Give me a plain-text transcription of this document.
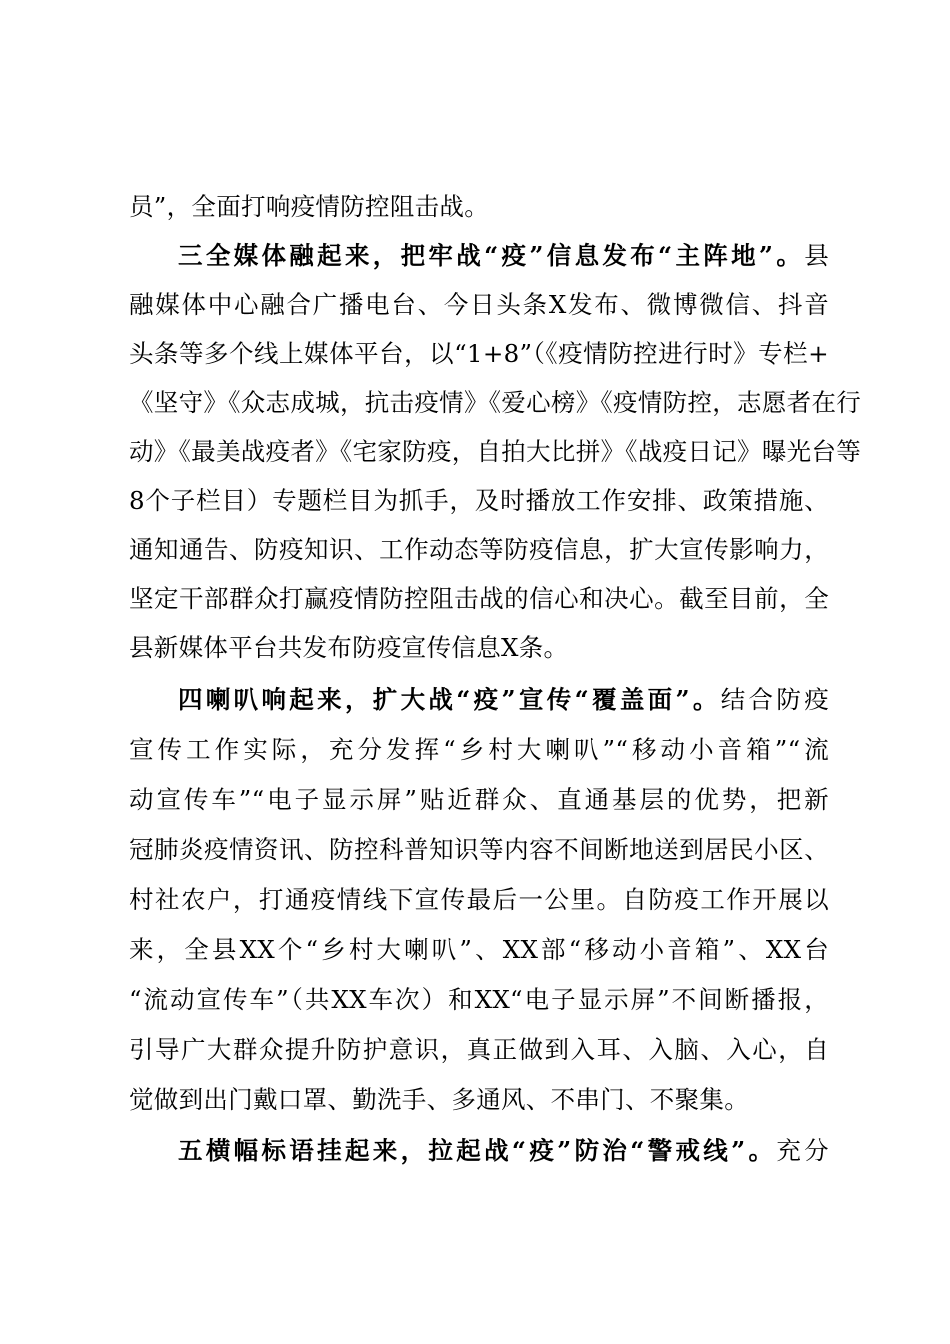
员”，全面打响疫情防控阻击战。
三全媒体融起来，把牢战“疫”信息发布“主阵地”。县
融媒体中心融合广播电台、今日头条X发布、微博微信、抖音
头条等多个线上媒体平台，以“1+8”（《疫情防控进行时》专栏+
《坚守》《众志成城，抗击疫情》《爱心榜》《疫情防控，志愿者在行
动》《最美战疫者》《宅家防疫，自拍大比拼》《战疫日记》曝光台等
8个子栏目）专题栏目为抓手，及时播放工作安排、政策措施、
通知通告、防疫知识、工作动态等防疫信息，扩大宣传影响力，
坚定干部群众打赢疫情防控阻击战的信心和决心。截至目前，全
县新媒体平台共发布防疫宣传信息X条。
四喇叭响起来，扩大战“疫”宣传“覆盖面”。结合防疫
宣传工作实际，充分发挥“乡村大喇叭”“移动小音箱”“流
动宣传车”“电子显示屏”贴近群众、直通基层的优势，把新
冠肺炎疫情资讯、防控科普知识等内容不间断地送到居民小区、
村社农户，打通疫情线下宣传最后一公里。自防疫工作开展以
来，全县XX个“乡村大喇叭”、XX部“移动小音箱”、XX台
“流动宣传车”（共XX车次）和XX“电子显示屏”不间断播报，
引导广大群众提升防护意识，真正做到入耳、入脑、入心，自
觉做到出门戴口罩、勤洗手、多通风、不串门、不聚集。
五横幅标语挂起来，拉起战“疫”防治“警戒线”。充分
